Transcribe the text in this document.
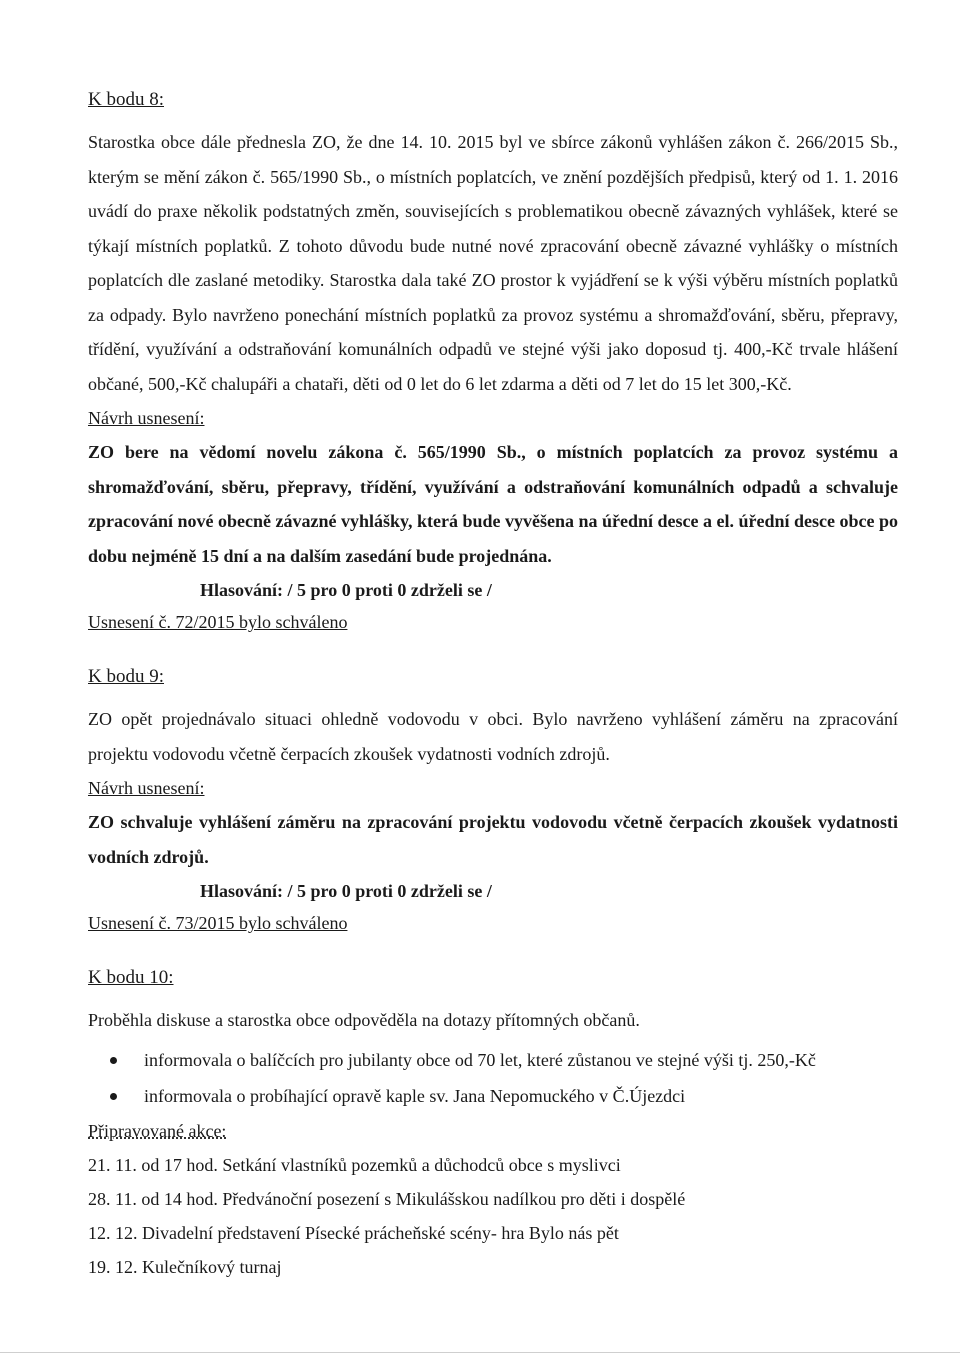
K bodu 8:

Starostka obce dále přednesla ZO, že dne 14. 10. 2015 byl ve sbírce zákonů vyhlášen zákon č. 266/2015 Sb., kterým se mění zákon č. 565/1990 Sb., o místních poplatcích, ve znění pozdějších předpisů, který od 1. 1. 2016 uvádí do praxe několik podstatných změn, souvisejících s problematikou obecně závazných vyhlášek, které se týkají místních poplatků. Z tohoto důvodu bude nutné nové zpracování obecně závazné vyhlášky o místních poplatcích dle zaslané metodiky. Starostka dala také ZO prostor k vyjádření se k výši výběru místních poplatků za odpady. Bylo navrženo ponechání místních poplatků za provoz systému a shromažďování, sběru, přepravy, třídění, využívání a odstraňování komunálních odpadů ve stejné výši jako doposud tj. 400,-Kč trvale hlášení občané, 500,-Kč chalupáři a chataři, děti od 0 let do 6 let zdarma a děti od 7 let do 15 let 300,-Kč.

Návrh usnesení:

ZO bere na vědomí novelu zákona č. 565/1990 Sb., o místních poplatcích za provoz systému a shromažďování, sběru, přepravy, třídění, využívání a odstraňování komunálních odpadů a schvaluje zpracování nové obecně závazné vyhlášky, která bude vyvěšena na úřední desce a el. úřední desce obce po dobu nejméně 15 dní a na dalším zasedání bude projednána.

Hlasování: / 5 pro 0 proti 0 zdrželi se /

Usnesení č. 72/2015 bylo schváleno

K bodu 9:

ZO opět projednávalo situaci ohledně vodovodu v obci. Bylo navrženo vyhlášení záměru na zpracování projektu vodovodu včetně čerpacích zkoušek vydatnosti vodních zdrojů.

Návrh usnesení:

ZO schvaluje vyhlášení záměru na zpracování projektu vodovodu včetně čerpacích zkoušek vydatnosti vodních zdrojů.

Hlasování: / 5 pro 0 proti 0 zdrželi se /

Usnesení č. 73/2015 bylo schváleno

K bodu 10:

Proběhla diskuse a starostka obce odpověděla na dotazy přítomných občanů.

informovala o balíčcích pro jubilanty obce od 70 let, které zůstanou ve stejné výši tj. 250,-Kč
informovala o probíhající opravě kaple sv. Jana Nepomuckého v Č.Újezdci

Připravované akce:

21. 11. od 17 hod. Setkání vlastníků pozemků a důchodců obce s myslivci
28. 11. od 14 hod. Předvánoční posezení s Mikulášskou nadílkou pro děti i dospělé
12. 12. Divadelní představení Písecké prácheňské scény- hra Bylo nás pět
19. 12. Kulečníkový turnaj
